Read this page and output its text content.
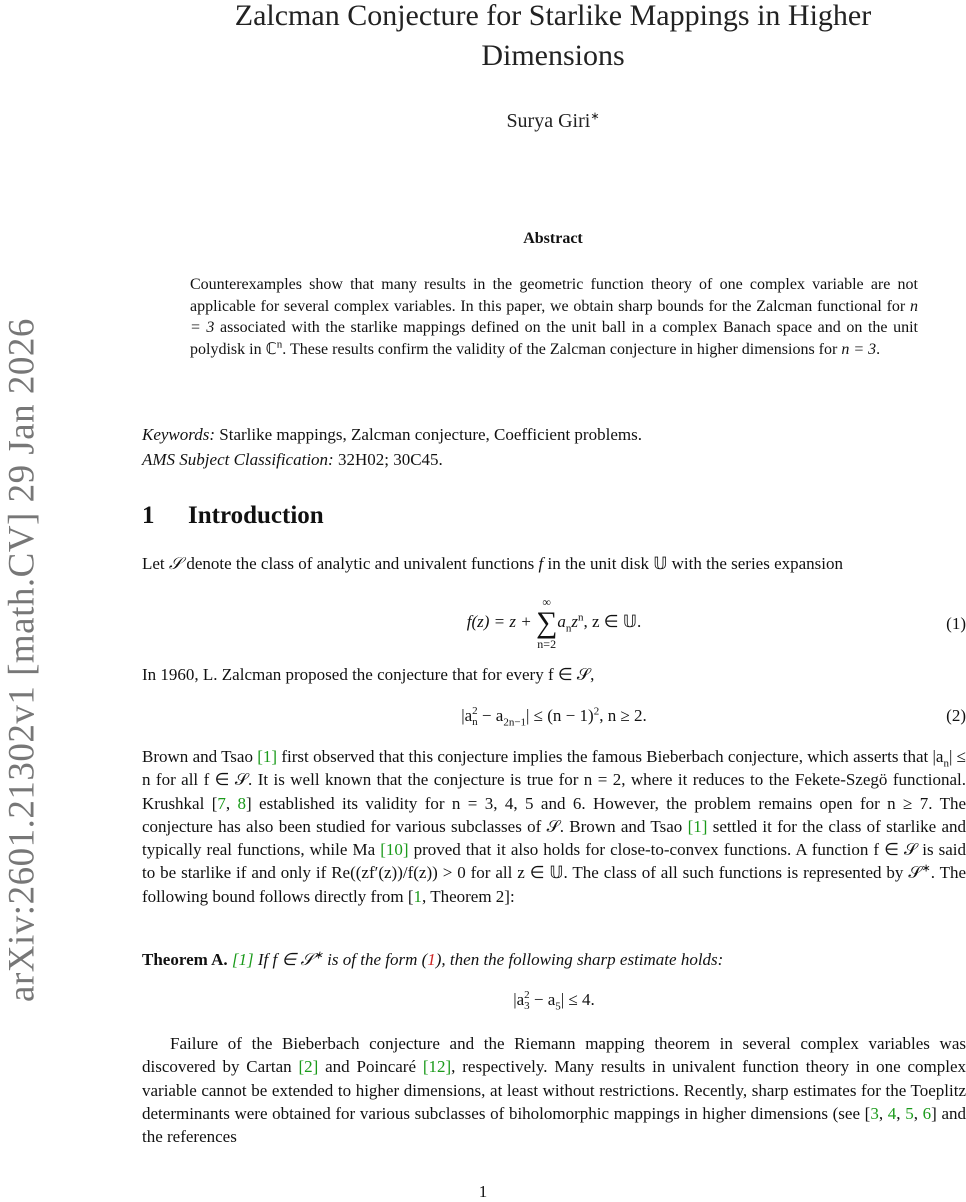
arXiv:2601.21302v1 [math.CV] 29 Jan 2026
Zalcman Conjecture for Starlike Mappings in Higher Dimensions
Surya Giri∗
Abstract
Counterexamples show that many results in the geometric function theory of one complex variable are not applicable for several complex variables. In this paper, we obtain sharp bounds for the Zalcman functional for n = 3 associated with the starlike mappings defined on the unit ball in a complex Banach space and on the unit polydisk in ℂ$^n$. These results confirm the validity of the Zalcman conjecture in higher dimensions for n = 3.
Keywords: Starlike mappings, Zalcman conjecture, Coefficient problems.
AMS Subject Classification: 32H02; 30C45.
1 Introduction

Let 𝒮 denote the class of analytic and univalent functions f in the unit disk 𝕌 with the series expansion

f(z) = z +
∞
∑
n=2
$a_nz^n$, z ∈ 𝕌.	(1)

In 1960, L. Zalcman proposed the conjecture that for every f ∈ 𝒮,

|a 2
$n - a_{2n-1}| \le (n - 1)^2$, n ≥ 2.	(2)

Brown and Tsao [1] first observed that this conjecture implies the famous Bieberbach conjecture, which asserts that $|a_n| \le n$ for all f ∈ 𝒮. It is well known that the conjecture is true for n = 2, where it reduces to the Fekete-Szegö functional. Krushkal [7, 8] established its validity for n = 3, 4, 5 and 6. However, the problem remains open for n ≥ 7. The conjecture has also been studied for various subclasses of 𝒮. Brown and Tsao [1] settled it for the class of starlike and typically real functions, while Ma [10] proved that it also holds for close-to-convex functions. A function f ∈ 𝒮 is said to be starlike if and only if Re((zf′(z))/f(z)) > 0 for all z ∈ 𝕌. The class of all such functions is represented by 𝒮∗. The following bound follows directly from [1, Theorem 2]:

Theorem A. [1] If f ∈ 𝒮∗ is of the form (1), then the following sharp estimate holds:
|a 2
$3 - a_5| \le 4$.

Failure of the Bieberbach conjecture and the Riemann mapping theorem in several complex variables was discovered by Cartan [2] and Poincaré [12], respectively. Many results in univalent function theory in one complex variable cannot be extended to higher dimensions, at least without restrictions. Recently, sharp estimates for the Toeplitz determinants were obtained for various subclasses of biholomorphic mappings in higher dimensions (see [3, 4, 5, 6] and the references

1
